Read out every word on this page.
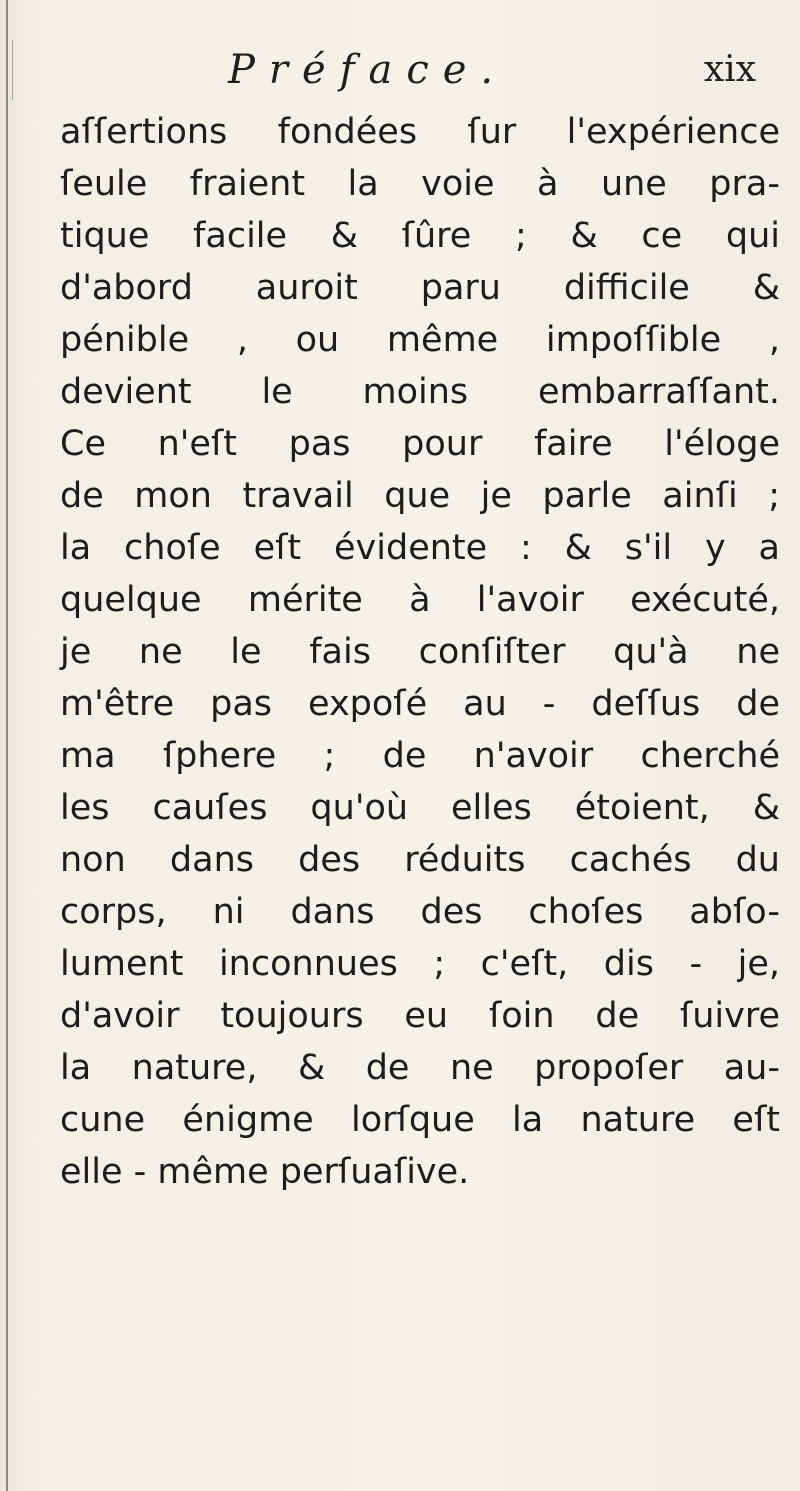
Préface.	xix
aſſertions fondées ſur l'expérience
ſeule fraient la voie à une pra-
tique facile & ſûre ; & ce qui
d'abord auroit paru difficile &
pénible , ou même impoſſible ,
devient le moins embarraſſant.
Ce n'eſt pas pour faire l'éloge
de mon travail que je parle ainſi ;
la choſe eſt évidente : & s'il y a
quelque mérite à l'avoir exécuté,
je ne le fais conſiſter qu'à ne
m'être pas expoſé au - deſſus de
ma ſphere ; de n'avoir cherché
les cauſes qu'où elles étoient, &
non dans des réduits cachés du
corps, ni dans des choſes abſo-
lument inconnues ; c'eſt, dis - je,
d'avoir toujours eu ſoin de ſuivre
la nature, & de ne propoſer au-
cune énigme lorſque la nature eſt
elle - même perſuaſive.
